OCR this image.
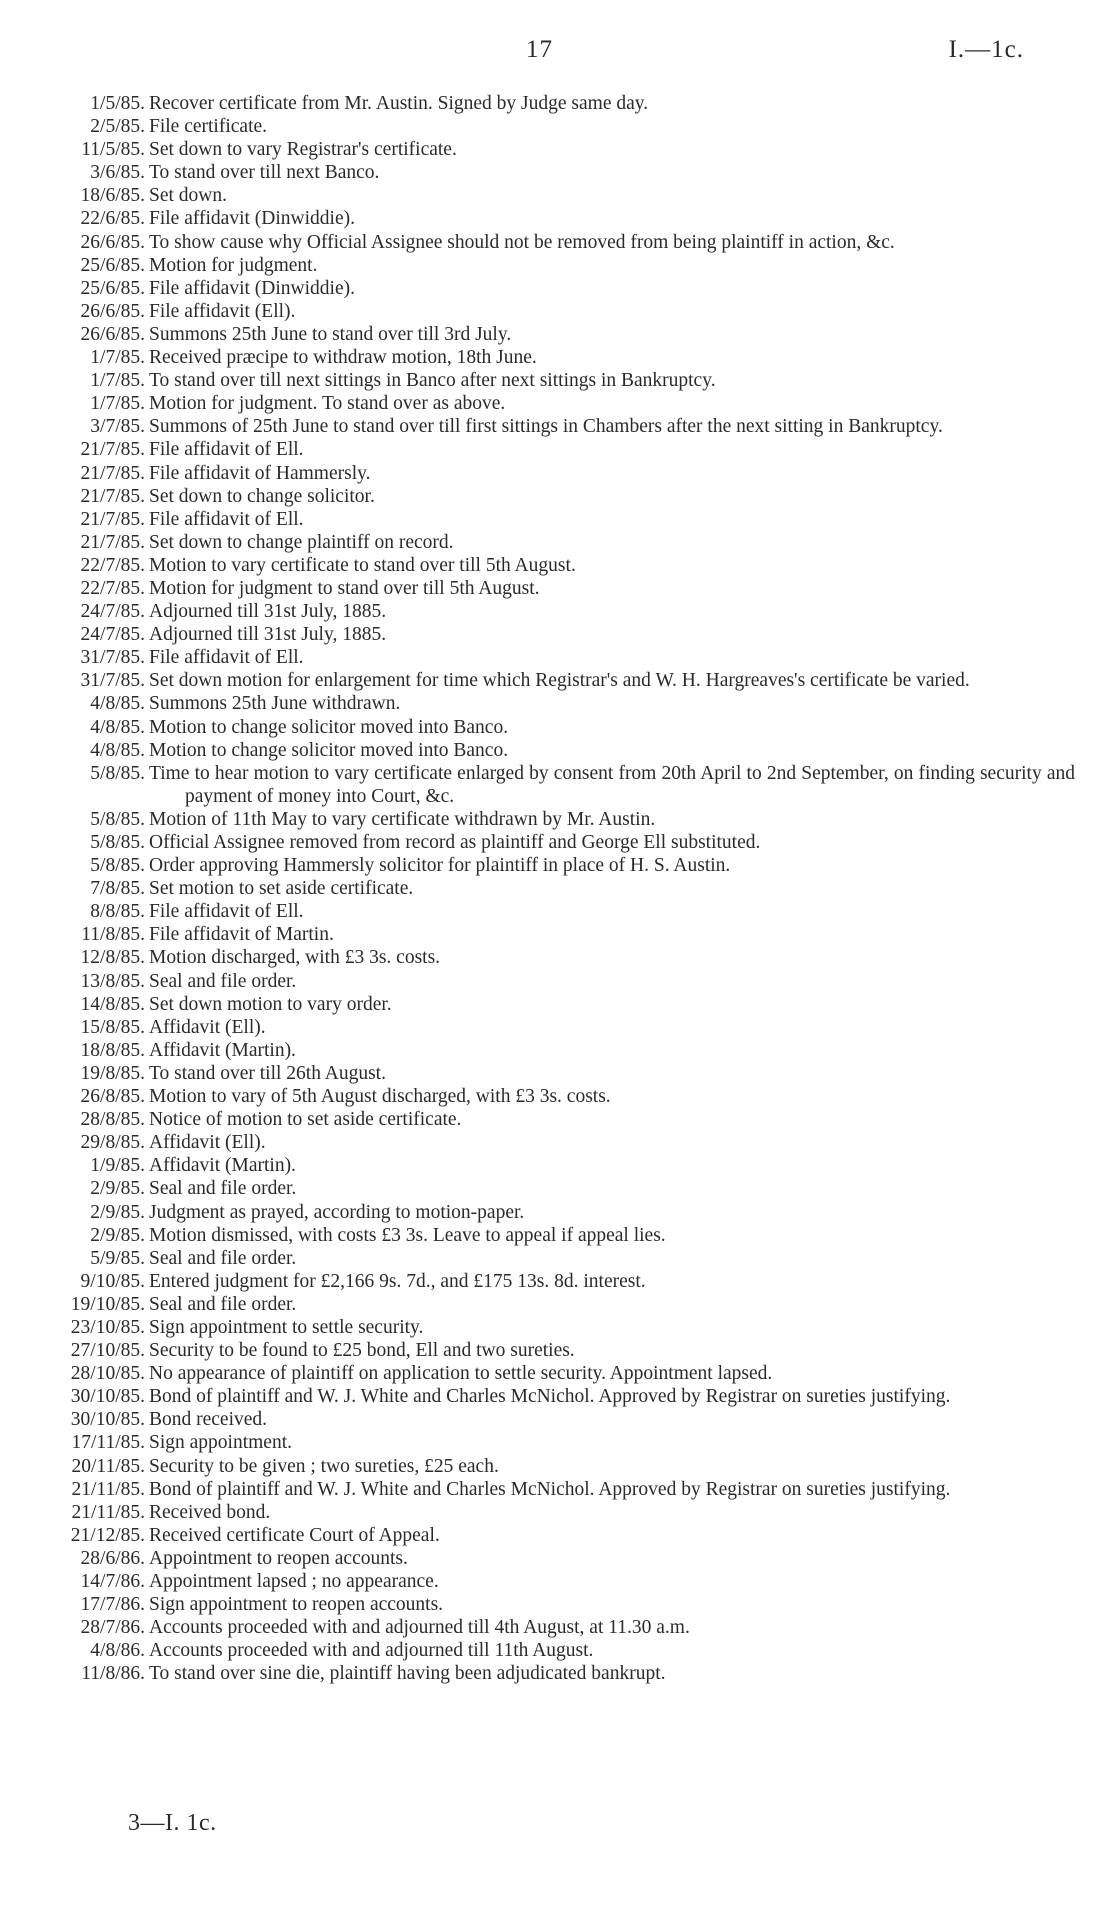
17	I.—1c.
1/5/85. Recover certificate from Mr. Austin. Signed by Judge same day.
2/5/85. File certificate.
11/5/85. Set down to vary Registrar's certificate.
3/6/85. To stand over till next Banco.
18/6/85. Set down.
22/6/85. File affidavit (Dinwiddie).
26/6/85. To show cause why Official Assignee should not be removed from being plaintiff in action, &c.
25/6/85. Motion for judgment.
25/6/85. File affidavit (Dinwiddie).
26/6/85. File affidavit (Ell).
26/6/85. Summons 25th June to stand over till 3rd July.
1/7/85. Received præcipe to withdraw motion, 18th June.
1/7/85. To stand over till next sittings in Banco after next sittings in Bankruptcy.
1/7/85. Motion for judgment. To stand over as above.
3/7/85. Summons of 25th June to stand over till first sittings in Chambers after the next sitting in Bankruptcy.
21/7/85. File affidavit of Ell.
21/7/85. File affidavit of Hammersly.
21/7/85. Set down to change solicitor.
21/7/85. File affidavit of Ell.
21/7/85. Set down to change plaintiff on record.
22/7/85. Motion to vary certificate to stand over till 5th August.
22/7/85. Motion for judgment to stand over till 5th August.
24/7/85. Adjourned till 31st July, 1885.
24/7/85. Adjourned till 31st July, 1885.
31/7/85. File affidavit of Ell.
31/7/85. Set down motion for enlargement for time which Registrar's and W. H. Hargreaves's certificate be varied.
4/8/85. Summons 25th June withdrawn.
4/8/85. Motion to change solicitor moved into Banco.
4/8/85. Motion to change solicitor moved into Banco.
5/8/85. Time to hear motion to vary certificate enlarged by consent from 20th April to 2nd September, on finding security and payment of money into Court, &c.
5/8/85. Motion of 11th May to vary certificate withdrawn by Mr. Austin.
5/8/85. Official Assignee removed from record as plaintiff and George Ell substituted.
5/8/85. Order approving Hammersly solicitor for plaintiff in place of H. S. Austin.
7/8/85. Set motion to set aside certificate.
8/8/85. File affidavit of Ell.
11/8/85. File affidavit of Martin.
12/8/85. Motion discharged, with £3 3s. costs.
13/8/85. Seal and file order.
14/8/85. Set down motion to vary order.
15/8/85. Affidavit (Ell).
18/8/85. Affidavit (Martin).
19/8/85. To stand over till 26th August.
26/8/85. Motion to vary of 5th August discharged, with £3 3s. costs.
28/8/85. Notice of motion to set aside certificate.
29/8/85. Affidavit (Ell).
1/9/85. Affidavit (Martin).
2/9/85. Seal and file order.
2/9/85. Judgment as prayed, according to motion-paper.
2/9/85. Motion dismissed, with costs £3 3s. Leave to appeal if appeal lies.
5/9/85. Seal and file order.
9/10/85. Entered judgment for £2,166 9s. 7d., and £175 13s. 8d. interest.
19/10/85. Seal and file order.
23/10/85. Sign appointment to settle security.
27/10/85. Security to be found to £25 bond, Ell and two sureties.
28/10/85. No appearance of plaintiff on application to settle security. Appointment lapsed.
30/10/85. Bond of plaintiff and W. J. White and Charles McNichol. Approved by Registrar on sureties justifying.
30/10/85. Bond received.
17/11/85. Sign appointment.
20/11/85. Security to be given ; two sureties, £25 each.
21/11/85. Bond of plaintiff and W. J. White and Charles McNichol. Approved by Registrar on sureties justifying.
21/11/85. Received bond.
21/12/85. Received certificate Court of Appeal.
28/6/86. Appointment to reopen accounts.
14/7/86. Appointment lapsed ; no appearance.
17/7/86. Sign appointment to reopen accounts.
28/7/86. Accounts proceeded with and adjourned till 4th August, at 11.30 a.m.
4/8/86. Accounts proceeded with and adjourned till 11th August.
11/8/86. To stand over sine die, plaintiff having been adjudicated bankrupt.
3—I. 1c.
